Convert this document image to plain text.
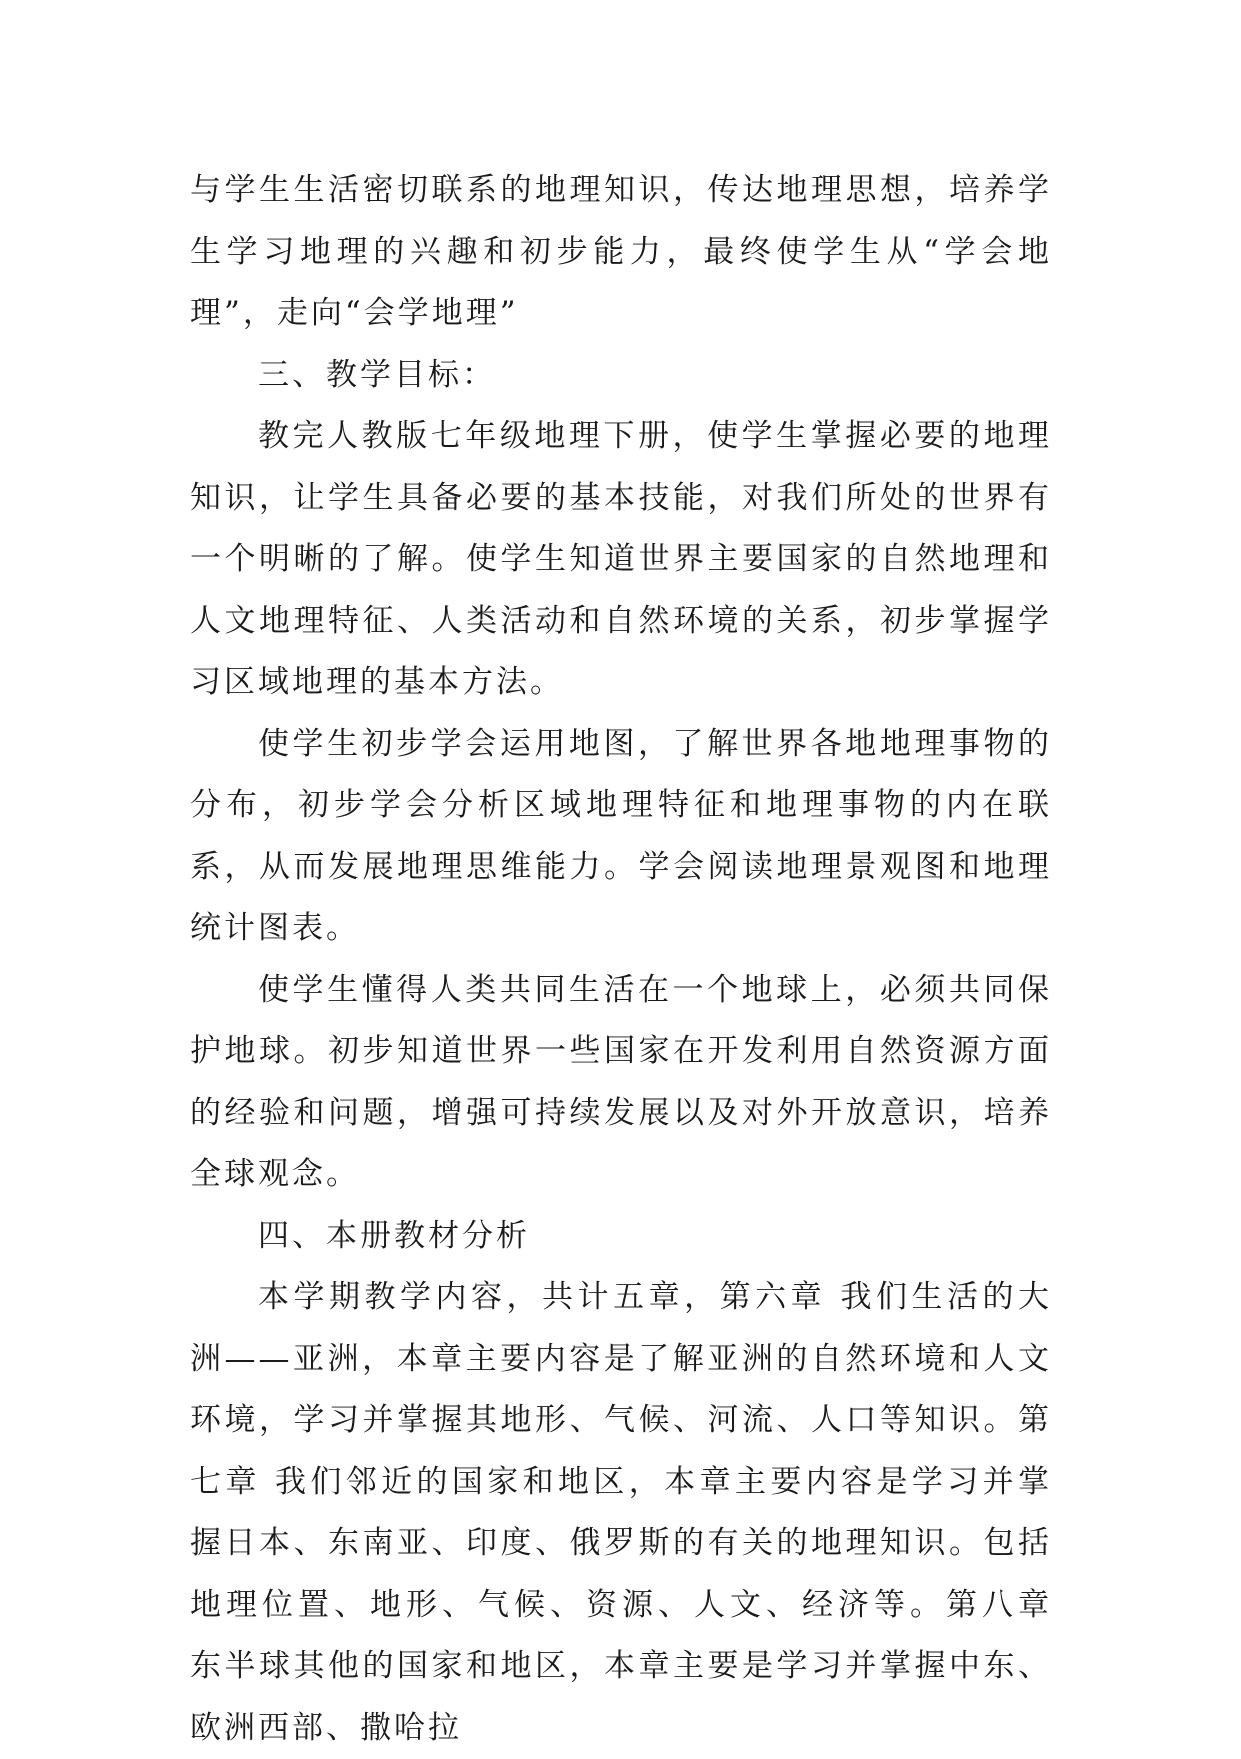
与学生生活密切联系的地理知识，传达地理思想，培养学生学习地理的兴趣和初步能力，最终使学生从“学会地理”，走向“会学地理”

三、教学目标：

教完人教版七年级地理下册，使学生掌握必要的地理知识，让学生具备必要的基本技能，对我们所处的世界有一个明晰的了解。使学生知道世界主要国家的自然地理和人文地理特征、人类活动和自然环境的关系，初步掌握学习区域地理的基本方法。

使学生初步学会运用地图，了解世界各地地理事物的分布，初步学会分析区域地理特征和地理事物的内在联系，从而发展地理思维能力。学会阅读地理景观图和地理统计图表。

使学生懂得人类共同生活在一个地球上，必须共同保护地球。初步知道世界一些国家在开发利用自然资源方面的经验和问题，增强可持续发展以及对外开放意识，培养全球观念。

四、本册教材分析

本学期教学内容，共计五章，第六章 我们生活的大洲——亚洲，本章主要内容是了解亚洲的自然环境和人文环境，学习并掌握其地形、气候、河流、人口等知识。第七章 我们邻近的国家和地区，本章主要内容是学习并掌握日本、东南亚、印度、俄罗斯的有关的地理知识。包括地理位置、地形、气候、资源、人文、经济等。第八章 东半球其他的国家和地区，本章主要是学习并掌握中东、欧洲西部、撒哈拉
